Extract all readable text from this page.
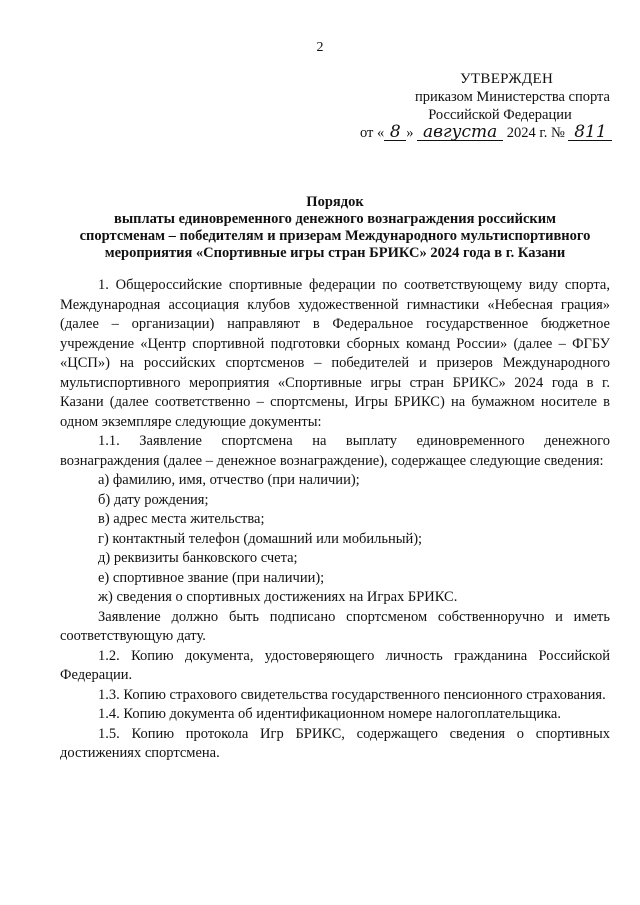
2
УТВЕРЖДЕН
приказом Министерства спорта
Российской Федерации
от « 8 » августа 2024 г. № 811
Порядок
выплаты единовременного денежного вознаграждения российским
спортсменам – победителям и призерам Международного мультиспортивного
мероприятия «Спортивные игры стран БРИКС» 2024 года в г. Казани

1. Общероссийские спортивные федерации по соответствующему виду спорта, Международная ассоциация клубов художественной гимнастики «Небесная грация» (далее – организации) направляют в Федеральное государственное бюджетное учреждение «Центр спортивной подготовки сборных команд России» (далее – ФГБУ «ЦСП») на российских спортсменов – победителей и призеров Международного мультиспортивного мероприятия «Спортивные игры стран БРИКС» 2024 года в г. Казани (далее соответственно – спортсмены, Игры БРИКС) на бумажном носителе в одном экземпляре следующие документы:

1.1. Заявление спортсмена на выплату единовременного денежного вознаграждения (далее – денежное вознаграждение), содержащее следующие сведения:

а) фамилию, имя, отчество (при наличии);

б) дату рождения;

в) адрес места жительства;

г) контактный телефон (домашний или мобильный);

д) реквизиты банковского счета;

е) спортивное звание (при наличии);

ж) сведения о спортивных достижениях на Играх БРИКС.

Заявление должно быть подписано спортсменом собственноручно и иметь соответствующую дату.

1.2. Копию документа, удостоверяющего личность гражданина Российской Федерации.

1.3. Копию страхового свидетельства государственного пенсионного страхования.

1.4. Копию документа об идентификационном номере налогоплательщика.

1.5. Копию протокола Игр БРИКС, содержащего сведения о спортивных достижениях спортсмена.
